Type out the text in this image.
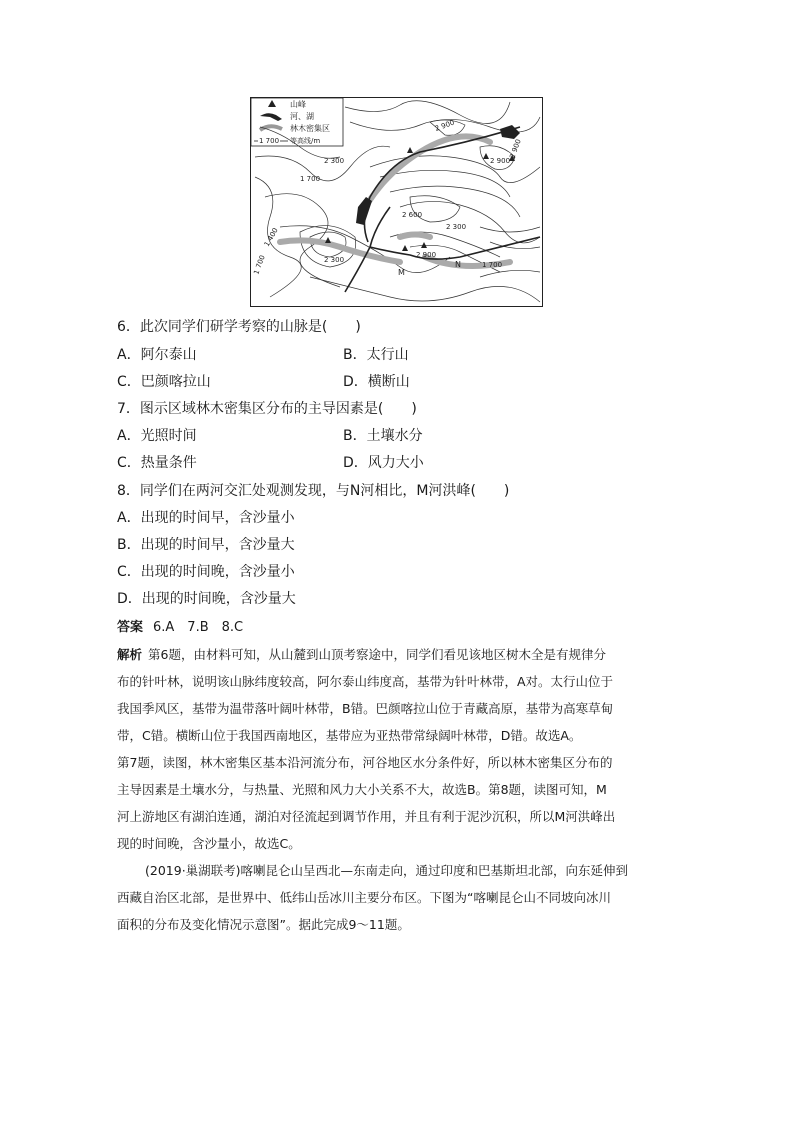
山峰
河、湖
林木密集区
1 700 等高线/m
2 900
2 900
2 900
2 900
2 300
2 300
2 300
1 700
1 700	1 700
1 400
2 600
M
N
6．此次同学们研学考察的山脉是(　　)
A．阿尔泰山	B．太行山
C．巴颜喀拉山	D．横断山
7．图示区域林木密集区分布的主导因素是(　　)
A．光照时间	B．土壤水分
C．热量条件	D．风力大小
8．同学们在两河交汇处观测发现，与N河相比，M河洪峰(　　)
A．出现的时间早，含沙量小
B．出现的时间早，含沙量大
C．出现的时间晚，含沙量小
D．出现的时间晚，含沙量大
答案 6.A　7.B　8.C
解析 第6题，由材料可知，从山麓到山顶考察途中，同学们看见该地区树木全是有规律分
布的针叶林，说明该山脉纬度较高，阿尔泰山纬度高，基带为针叶林带，A对。太行山位于
我国季风区，基带为温带落叶阔叶林带，B错。巴颜喀拉山位于青藏高原，基带为高寒草甸
带，C错。横断山位于我国西南地区，基带应为亚热带常绿阔叶林带，D错。故选A。
第7题，读图，林木密集区基本沿河流分布，河谷地区水分条件好，所以林木密集区分布的
主导因素是土壤水分，与热量、光照和风力大小关系不大，故选B。第8题，读图可知，M
河上游地区有湖泊连通，湖泊对径流起到调节作用，并且有利于泥沙沉积，所以M河洪峰出
现的时间晚，含沙量小，故选C。
(2019·巢湖联考)喀喇昆仑山呈西北—东南走向，通过印度和巴基斯坦北部，向东延伸到
西藏自治区北部，是世界中、低纬山岳冰川主要分布区。下图为“喀喇昆仑山不同坡向冰川
面积的分布及变化情况示意图”。据此完成9～11题。
